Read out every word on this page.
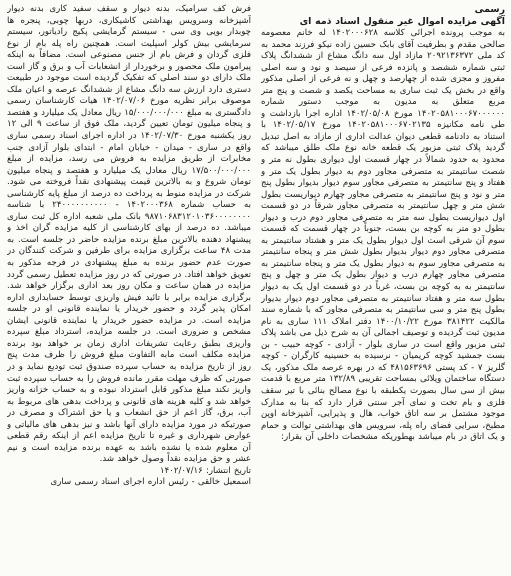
رسمی

آگهی مزایده اموال غیر منقول اسناد ذمه ای

به موجب پرونده اجرائی کلاسه ۱۴۰۲۰۰۰۶۲۸ له خانم معصومه صالحی مقدم و بطرفیت آقای بابک حسین زاده نیکو فرزند محمد به کد ملی ۲۰۹۲۱۳۶۳۷۲ مازاد اول سه دانگ مشاع از ششدانگ پلاک ثبتی شماره ششصد و پانزده فرعی از سیصد و نود و سه اصلی مفروز و مجزی شده از چهارصد و چهل و نه فرعی از اصلی مذکور واقع در بخش یک ثبت ساری به مساحت یکصد و شصت و پنج متر مربع متعلق به مدیون به موجب دستور شماره ۱۴۰۲۰۵۸۱۰۰۰۶۷۰۰۰۰۰۰ مورخ ۱۴۰۲/۰۵/۰۸ اداره اجرا بازداشت و طی نامه مکانیزه ۱۴۰۲۰۵۸۱۰۰۰۶۷۰۲۱۳۵ مورخ ۱۴۰۲/۰۵/۱۷ با استناد به دادنامه قطعی دیوان عدالت اداری از مازاد به اصل تبدیل گردید پلاک ثبتی مزبور یک قطعه خانه نوع ملک طلق میباشد که محدود به حدود شمالاً در چهار قسمت اول دیواری بطول نه متر و شصت سانتیمتر به متصرفی مجاور دوم به دیوار بطول یک متر و هفتاد و پنج سانتیمتر به متصرفی مجاور سوم دیوار بدیوار بطول پنج متر و نود و پنج سانتیمتر به متصرفی مجاور چهارم دیواریست بطول شش متر و چهل سانتیمتر به متصرفی مجاور شرقاً در دو قسمت اول دیواریست بطول سه متر به متصرفی مجاور دوم درب و دیوار بطول دو متر به کوچه بن بست، جنوباً در چهار قسمت که قسمت سوم آن شرقی است اول دیوار بطول یک متر و هشتاد سانتیمتر به متصرفی مجاور دوم دیوار بدیوار بطول شش متر و پنجاه سانتیمتر به متصرفی مجاور سوم به دیوار بطول یک متر و پنجاه سانتیمتر به متصرفی مجاور چهارم درب و دیوار بطول یک متر و چهل و پنج سانتیمتر به به کوچه بن بست، غرباً در دو قسمت اول یک به دیوار بطول سه متر و هفتاد سانتیمتر به متصرفی مجاور دوم دیوار بدیوار بطول پنج متر و سی سانتیمتر به متصرفی مجاور که با شماره سند مالکیت ۳۸۱۴۲۲ مورخ ۱۴۰۰/۱۰/۲۲ دفتر املاک ۱۱۱ ساری به نام مدیون ثبت گردیده و توصیف اجمالی آن به شرح ذیل می باشد پلاک ثبتی مزبور واقع است در ساری بلوار - آزادی - کوچه حبیب - بن بست جمشید کوچه کریمیان - نرسیده به حسینیه کارگران - کوچه گلریز ۷ - کد پستی ۴۸۱۵۶۳۶۹۶ که در بهره عرصه ملک مذکور، یک دستگاه ساختمان ویلائی بمساحت تقریبی ۱۳۲/۸۹ متر مربع با قدمت بیش از سی سال بصورت یکطبقه با نوع مصالح بنائی با تیر سقف فلزی و بام تخت و نمای آجر سنتی قرار دارد که بنا به مدارک موجود مشتمل بر سه اتاق خواب، هال و پذیرایی، آشپزخانه اوپن مطبخ، سرایی فضای راه پله، سرویس های بهداشتی توالت و حمام و یک اتاق در بام میباشد بهطوریکه مشخصات داخلی آن بقرار:

فرش کف سرامیک، بدنه دیوار و سقف سفید کاری بدنه دیوار آشپزخانه وسرویس بهداشتی کاشیکاری، دربها چوبی، پنجره ها چوبدار بویی وی سی - سیستم گرمایشی پکیج رادیاتور، سیستم سرمایشی بیش کولر اسپلیت است. همچنین راه پله بام از نوع فلزی گردان و فرش بام از جنس مصنوعی است. مضافاً به اینکه پیرامون ملک محصور و برخوردار از انشعابات آب و برق و گاز است ملک دارای دو سند اصلی که تفکیک گردیده است موجود در طبیعت دستری دارد ارزش سه دانگ مشاع از ششدانگ عرصه و اعیان ملک موصوف برابر نظریه مورخ ۱۴۰۲/۰۷/۰۶ هیات کارشناسان رسمی دادگستری به مبلغ ۱۵/۰۰۰/۰۰۰/۰۰۰ ریال معادل یک میلیارد و هفتصد و پنجاه میلیون تومان تعیین گردید، ملک فوق از ساعت ۹ الی ۱۲ روز یکشنبه مورخ ۱۴۰۲/۰۷/۳۰ در اداره اجرای اسناد رسمی ساری واقع در ساری - میدان - خیابان امام - ابتدای بلوار آزادی جنب مخابرات از طریق مزایده به فروش می رسد، مزایده از مبلغ ۱۷/۵۰۰/۰۰۰/۰۰۰ ریال معادل یک میلیارد و هفتصد و پنجاه میلیون تومان شروع و به بالاترین قیمت پیشنهادی نقداً فروخته می شود. شرکت در مزایده منوط به پرداخت ده درصد از مبلغ پایه کارشناسی به حساب شماره ۱۴۰۲۰۰۰۳۶۸ - ۲۴۰۰۰۰۰۰۰۰۰۰ با شناسه ۹۸۷۱۰۶۸۳۱۲۰۱۰۳۶۰۰۰۰۰۰۰۰ بانک ملی شعبه اداره کل ثبت ساری میباشد. ده درصد از بهای کارشناسی از کلیه مزایده گران اخذ و پیشنهاد دهنده بالاترین مبلغ برنده مزایده حاضر در جلسه است. به مدت ۴۸ ساعت برگزاری مزایده برای طرفین و شرکت کنندگان در صورت عدم حضور برنده به مبلغ پیشنهادی در فرجه مذکور به تعویق خواهد افتاد. در صورتی که در روز مزایده تعطیل رسمی گردد مزایده در همان ساعت و مکان روز بعد اداری برگزار خواهد شد. برگزاری مزایده برابر با تائید فیش واریزی توسط حسابداری اداره امکان پذیر گردد و حضور خریدار یا نماینده قانونی او در جلسه مزایده است. در مزایده حضور خریدار یا نماینده قانونی ایشان مشخص و ضروری است. در جلسه مزایده، استرداد مبلغ سپرده واریزی بطبق رعایت تشریفات اداری زمان بر خواهد بود برنده مزایده مکلف است مابه التفاوت مبلغ فروش را ظرف مدت پنج روز از تاریخ مزایده به حساب سپرده صندوق ثبت تودیع نماید و در صورتی که ظرف مهلت مقرر مانده فروش را به حساب سپرده ثبت واریز نکند مبلغ مذکور قابل استرداد نبوده و به حساب خزانه واریز خواهد شد و کلیه هزینه های قانونی و پرداخت بدهی های مربوط به آب، برق، گاز اعم از حق انشعاب و یا حق اشتراک و مصرف در صورتیکه در مورد مزایده دارای آنها باشد و نیز بدهی های مالیاتی و عوارض شهرداری و غیره تا تاریخ مزایده اعم از اینکه رقم قطعی آن معلوم شده یا نشده باشد به عهده برنده مزایده است و نیم عشر و حق مزایده نقداً وصول خواهد شد.

تاریخ انتشار: ۱۴۰۲/۰۷/۱۶

اسمعیل خالقی - رئیس اداره اجرای اسناد رسمی ساری
